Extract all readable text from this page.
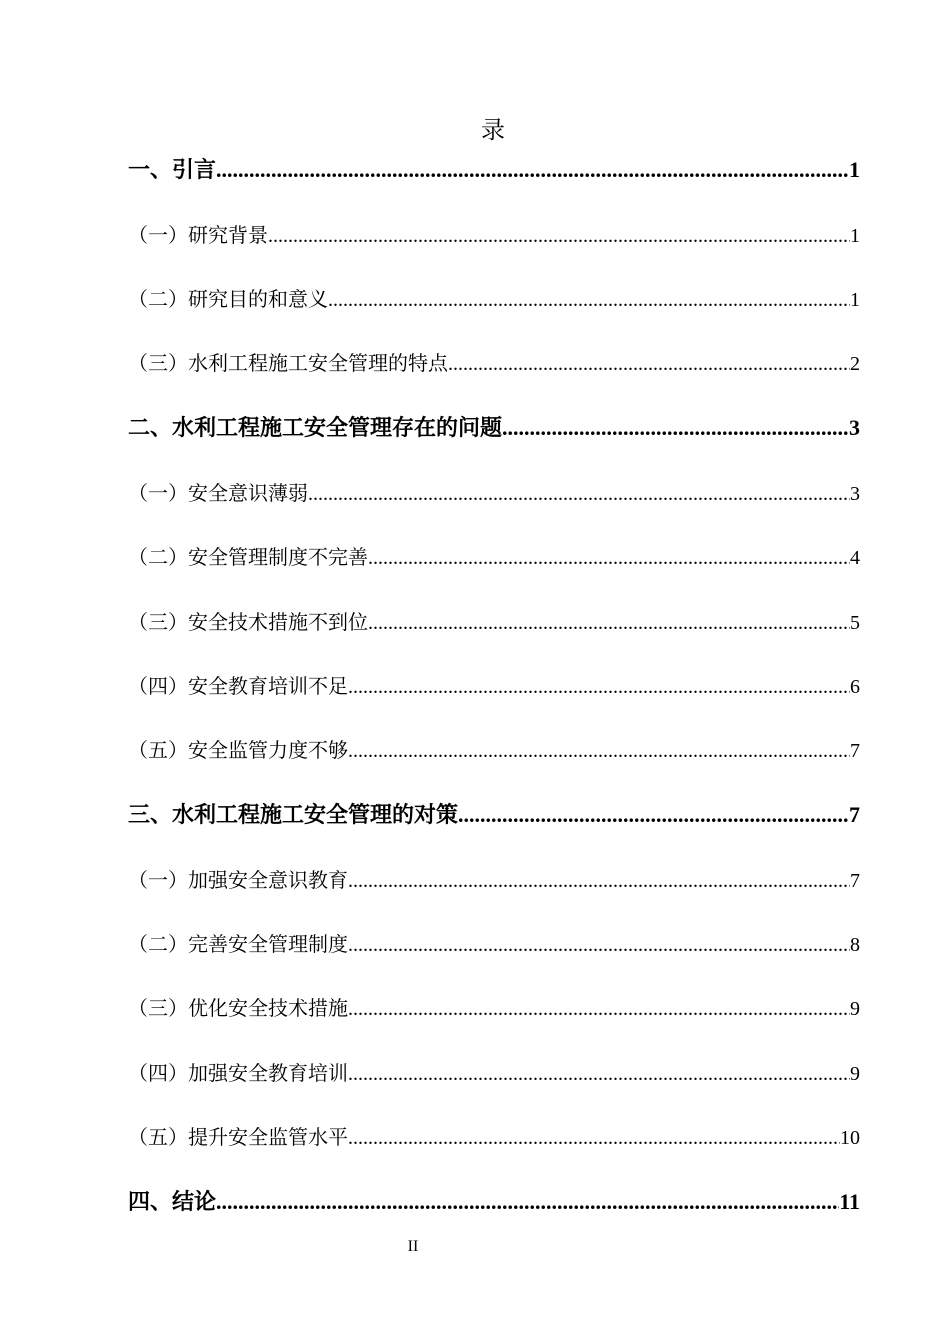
录
一、引言 .....	1
（一）研究背景 .....	1
（二）研究目的和意义 .....	1
（三）水利工程施工安全管理的特点 .....	2
二、水利工程施工安全管理存在的问题 .....	3
（一）安全意识薄弱 .....	3
（二）安全管理制度不完善 .....	4
（三）安全技术措施不到位 .....	5
（四）安全教育培训不足 .....	6
（五）安全监管力度不够 .....	7
三、水利工程施工安全管理的对策 .....	7
（一）加强安全意识教育 .....	7
（二）完善安全管理制度 .....	8
（三）优化安全技术措施 .....	9
（四）加强安全教育培训 .....	9
（五）提升安全监管水平 .....	10
四、结论 .....	11
II
